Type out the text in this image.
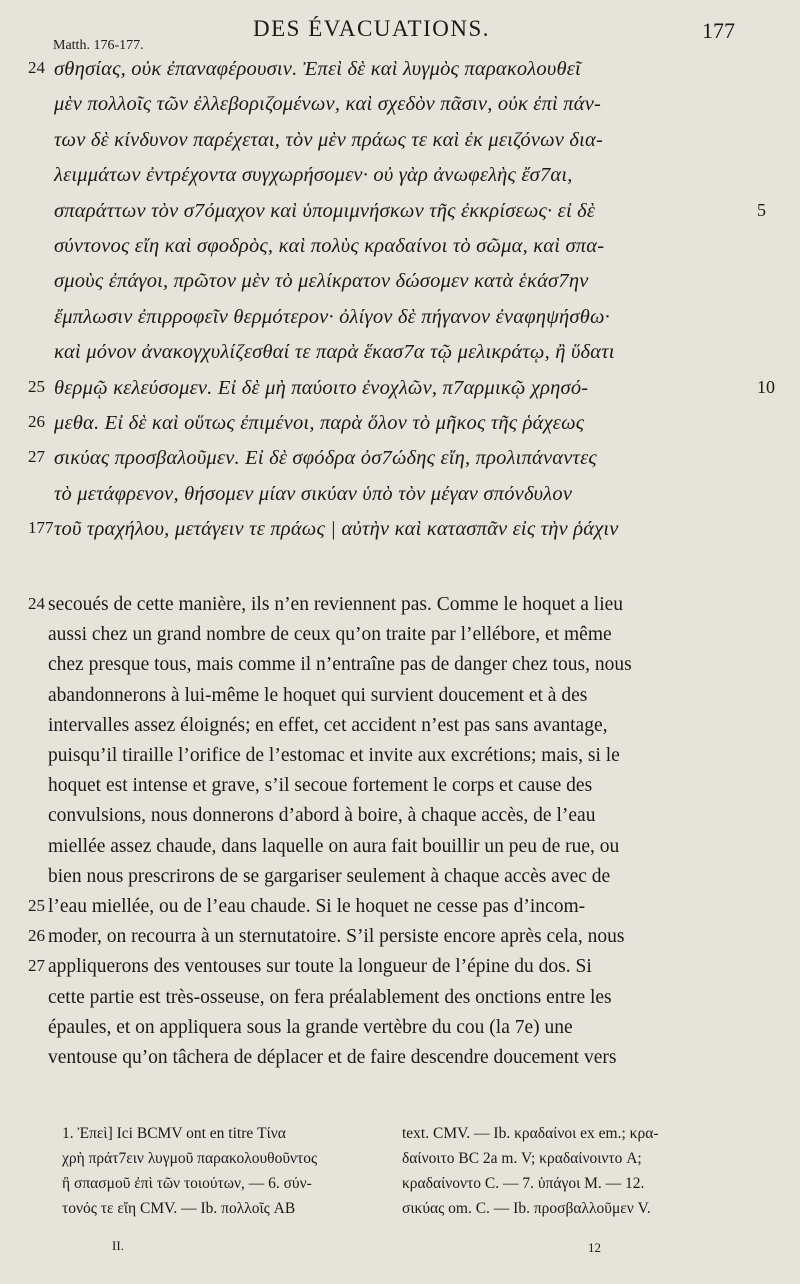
Matth. 176-177.
DES ÉVACUATIONS.	177
24 σθησίας, οὐκ ἐπαναφέρουσιν. Ἐπεὶ δὲ καὶ λυγμὸς παρακολουθεῖ
μὲν πολλοῖς τῶν ἐλλεβοριζομένων, καὶ σχεδὸν πᾶσιν, οὐκ ἐπὶ πάν-
των δὲ κίνδυνον παρέχεται, τὸν μὲν πράως τε καὶ ἐκ μειζόνων δια-
λειμμάτων ἐντρέχοντα συγχωρήσομεν· οὐ γὰρ ἀνωφελὴς ἔσ7αι,
σπαράττων τὸν σ7όμαχον καὶ ὑπομιμνήσκων τῆς ἐκκρίσεως· εἰ δὲ	5
σύντονος εἴη καὶ σφοδρὸς, καὶ πολὺς κραδαίνοι τὸ σῶμα, καὶ σπα-
σμοὺς ἐπάγοι, πρῶτον μὲν τὸ μελίκρατον δώσομεν κατὰ ἑκάσ7ην
ἔμπλωσιν ἐπιρροφεῖν θερμότερον· ὀλίγον δὲ πήγανον ἐναφηψήσθω·
καὶ μόνον ἀνακογχυλίζεσθαί τε παρὰ ἕκασ7α τῷ μελικράτῳ, ἢ ὕδατι
25 θερμῷ κελεύσομεν. Εἰ δὲ μὴ παύοιτο ἐνοχλῶν, π7αρμικῷ χρησό-	10
26 μεθα. Εἰ δὲ καὶ οὕτως ἐπιμένοι, παρὰ ὅλον τὸ μῆκος τῆς ῥάχεως
27 σικύας προσβαλοῦμεν. Εἰ δὲ σφόδρα ὀσ7ώδης εἴη, προλιπάναντες
τὸ μετάφρενον, θήσομεν μίαν σικύαν ὑπὸ τὸν μέγαν σπόνδυλον
177 τοῦ τραχήλου, μετάγειν τε πράως | αὐτὴν καὶ κατασπᾶν εἰς τὴν ῥάχιν
24 secoués de cette manière, ils n’en reviennent pas. Comme le hoquet a lieu
aussi chez un grand nombre de ceux qu’on traite par l’ellébore, et même
chez presque tous, mais comme il n’entraîne pas de danger chez tous, nous
abandonnerons à lui-même le hoquet qui survient doucement et à des
intervalles assez éloignés; en effet, cet accident n’est pas sans avantage,
puisqu’il tiraille l’orifice de l’estomac et invite aux excrétions; mais, si le
hoquet est intense et grave, s’il secoue fortement le corps et cause des
convulsions, nous donnerons d’abord à boire, à chaque accès, de l’eau
miellée assez chaude, dans laquelle on aura fait bouillir un peu de rue, ou
bien nous prescrirons de se gargariser seulement à chaque accès avec de
25 l’eau miellée, ou de l’eau chaude. Si le hoquet ne cesse pas d’incom-
26 moder, on recourra à un sternutatoire. S’il persiste encore après cela, nous
27 appliquerons des ventouses sur toute la longueur de l’épine du dos. Si
cette partie est très-osseuse, on fera préalablement des onctions entre les
épaules, et on appliquera sous la grande vertèbre du cou (la 7e) une
ventouse qu’on tâchera de déplacer et de faire descendre doucement vers
1. Ἐπεὶ] Ici BCMV ont en titre Τίνα
χρὴ πράτ7ειν λυγμοῦ παρακολουθοῦντος
ἢ σπασμοῦ ἐπὶ τῶν τοιούτων, — 6. σύν-
τονός τε εἴη CMV. — Ib. πολλοῖς AB
text. CMV. — Ib. κραδαίνοι ex em.; κρα-
δαίνοιτο BC 2a m. V; κραδαίνοιντο A;
κραδαίνοντο C. — 7. ὑπάγοι M. — 12.
σικύας om. C. — Ib. προσβαλλοῦμεν V.
II.	12
